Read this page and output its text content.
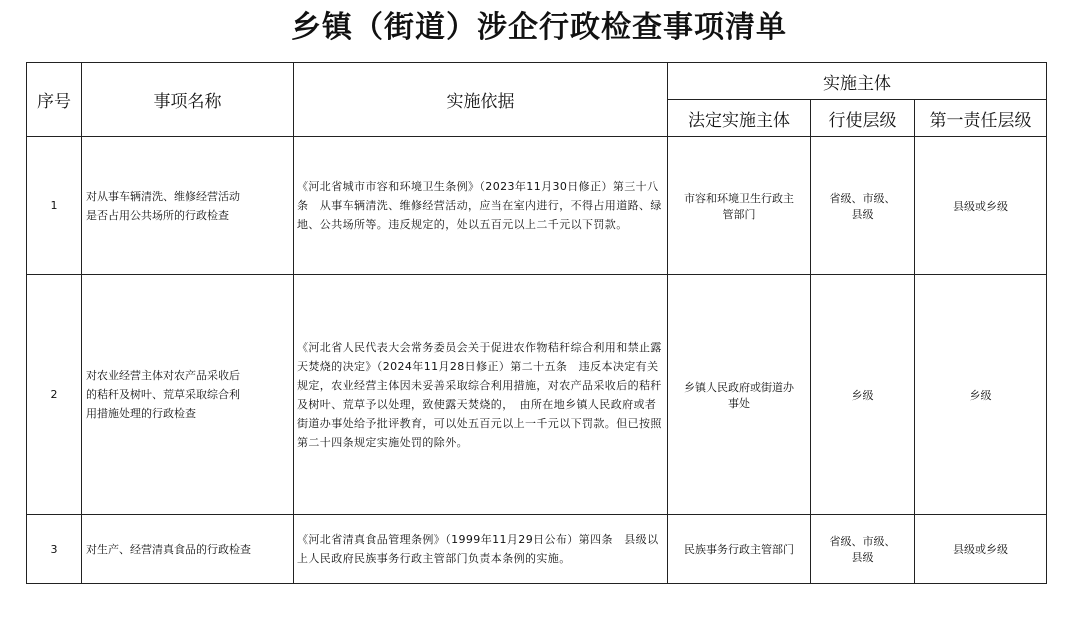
乡镇（街道）涉企行政检查事项清单
序号	事项名称	实施依据	实施主体		
			法定实施主体	行使层级	第一责任层级
1	对从事车辆清洗、维修经营活动是否占用公共场所的行政检查	《河北省城市市容和环境卫生条例》（2023年11月30日修正）第三十八条　从事车辆清洗、维修经营活动，应当在室内进行，不得占用道路、绿地、公共场所等。违反规定的，处以五百元以上二千元以下罚款。	市容和环境卫生行政主管部门	省级、市级、县级	县级或乡级
2	对农业经营主体对农产品采收后的秸秆及树叶、荒草采取综合利用措施处理的行政检查	《河北省人民代表大会常务委员会关于促进农作物秸秆综合利用和禁止露天焚烧的决定》（2024年11月28日修正）第二十五条　违反本决定有关规定，农业经营主体因未妥善采取综合利用措施，对农产品采收后的秸秆及树叶、荒草予以处理，致使露天焚烧的，　由所在地乡镇人民政府或者街道办事处给予批评教育，可以处五百元以上一千元以下罚款。但已按照第二十四条规定实施处罚的除外。	乡镇人民政府或街道办事处	乡级	乡级
3	对生产、经营清真食品的行政检查	《河北省清真食品管理条例》（1999年11月29日公布）第四条　县级以上人民政府民族事务行政主管部门负责本条例的实施。	民族事务行政主管部门	省级、市级、县级	县级或乡级
